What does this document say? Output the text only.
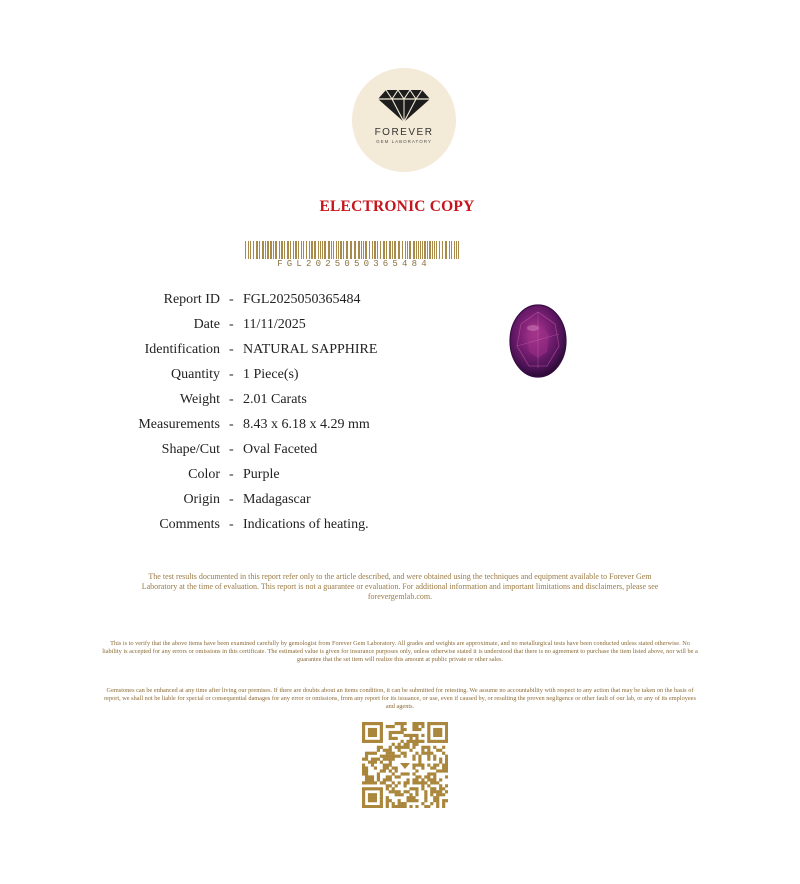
FOREVER
GEM LABORATORY
ELECTRONIC COPY
FGL2025050365484
Report ID - FGL2025050365484
Date - 11/11/2025
Identification - NATURAL SAPPHIRE
Quantity - 1 Piece(s)
Weight - 2.01 Carats
Measurements - 8.43 x 6.18 x 4.29 mm
Shape/Cut - Oval Faceted
Color - Purple
Origin - Madagascar
Comments - Indications of heating.
The test results documented in this report refer only to the article described, and were obtained using the techniques and equipment available to Forever Gem Laboratory at the time of evaluation. This report is not a guarantee or evaluation. For additional information and important limitations and disclaimers, please see forevergemlab.com.
This is to verify that the above items have been examined carefully by gemologist from Forever Gem Laboratory. All grades and weights are approximate, and no metallurgical tests have been conducted unless stated otherwise. No liability is accepted for any errors or omissions in this certificate. The estimated value is given for insurance purposes only, unless otherwise stated it is understood that there is no agreement to purchase the item listed above, nor will be a guarantee that the set item will realize this amount at public private or other sales.
Gemstones can be enhanced at any time after living our premises. If there are doubts about an items condition, it can be submitted for retesting. We assume no accountability with respect to any action that may be taken on the basis of report, we shall not be liable for special or consequential damages for any error or omissions, from any report for its issuance, or use, even if caused by, or resulting the proven negligence or other fault of our lab, or any of its employees and agents.
